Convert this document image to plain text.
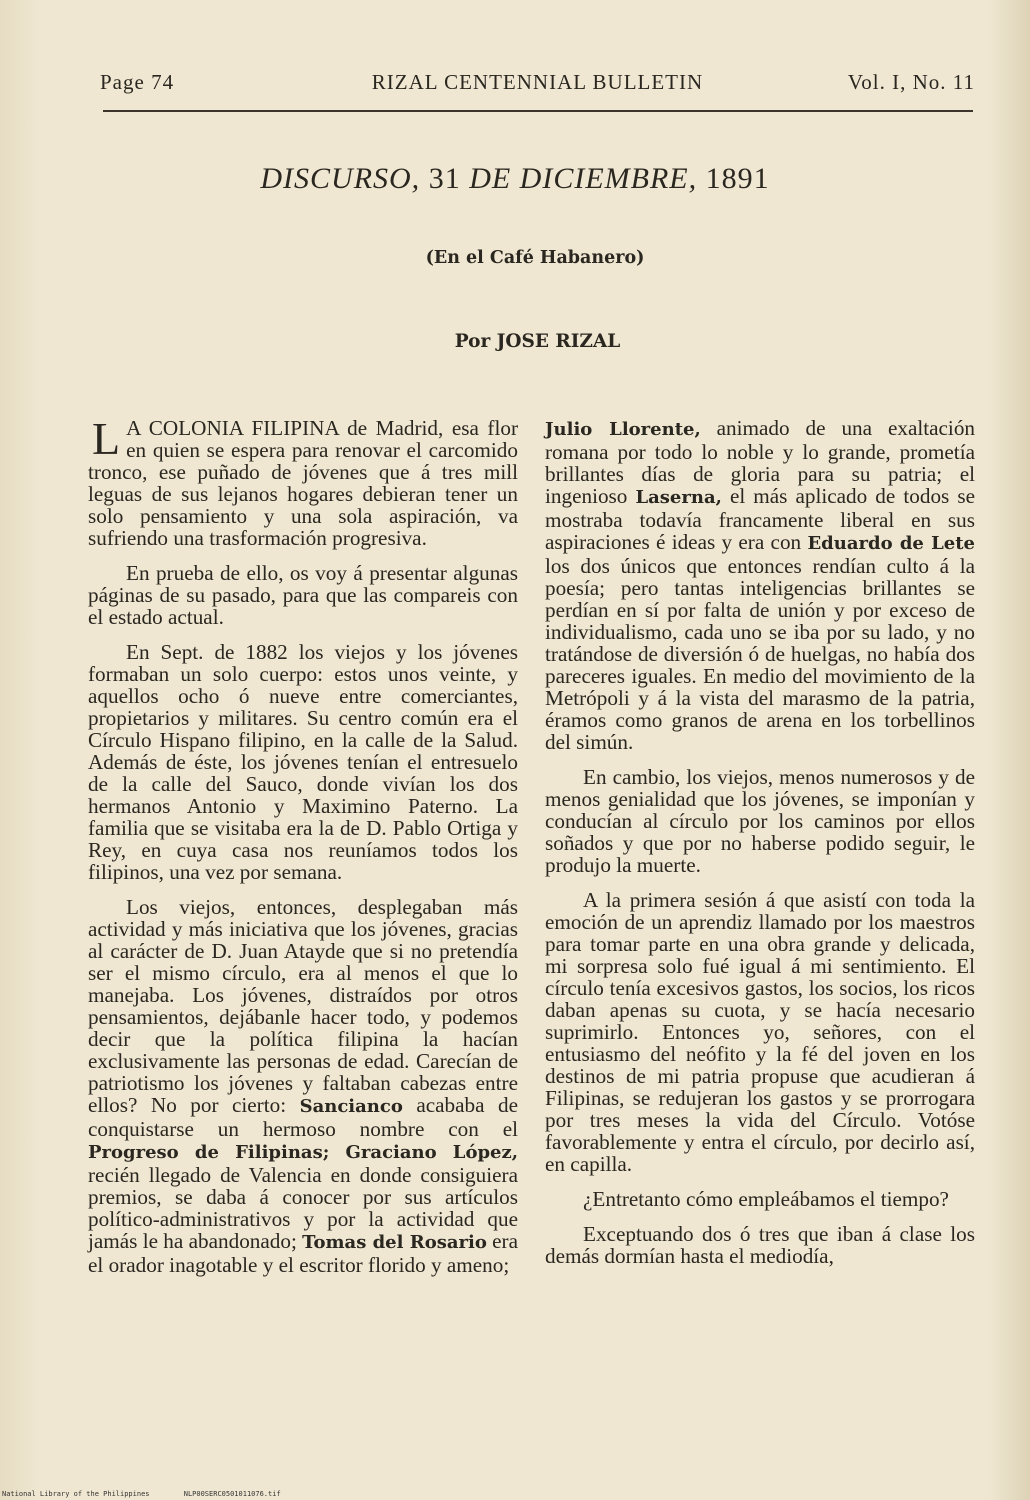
RIZAL CENTENNIAL BULLETIN
Page 74	Vol. I, No. 11
DISCURSO, 31 DE DICIEMBRE, 1891
(En el Café Habanero)
Por JOSE RIZAL

L A COLONIA FILIPINA de Madrid, esa flor en quien se espera para renovar el carcomido tronco, ese puñado de jóvenes que á tres mill leguas de sus lejanos hogares debieran tener un solo pensamiento y una sola aspiración, va sufriendo una trasformación progresiva.

En prueba de ello, os voy á presentar algunas páginas de su pasado, para que las compareis con el estado actual.

En Sept. de 1882 los viejos y los jóvenes formaban un solo cuerpo: estos unos veinte, y aquellos ocho ó nueve entre comerciantes, propietarios y militares. Su centro común era el Círculo Hispano filipino, en la calle de la Salud. Además de éste, los jóvenes tenían el entresuelo de la calle del Sauco, donde vivían los dos hermanos Antonio y Maximino Paterno. La familia que se visitaba era la de D. Pablo Ortiga y Rey, en cuya casa nos reuníamos todos los filipinos, una vez por semana.

Los viejos, entonces, desplegaban más actividad y más iniciativa que los jóvenes, gracias al carácter de D. Juan Atayde que si no pretendía ser el mismo círculo, era al menos el que lo manejaba. Los jóvenes, distraídos por otros pensamientos, dejábanle hacer todo, y podemos decir que la política filipina la hacían exclusivamente las personas de edad. Carecían de patriotismo los jóvenes y faltaban cabezas entre ellos? No por cierto: Sancianco acababa de conquistarse un hermoso nombre con el Progreso de Filipinas; Graciano López, recién llegado de Valencia en donde consiguiera premios, se daba á conocer por sus artículos político-administrativos y por la actividad que jamás le ha abandonado; Tomas del Rosario era el orador inagotable y el escritor florido y ameno;

Julio Llorente, animado de una exaltación romana por todo lo noble y lo grande, prometía brillantes días de gloria para su patria; el ingenioso Laserna, el más aplicado de todos se mostraba todavía francamente liberal en sus aspiraciones é ideas y era con Eduardo de Lete los dos únicos que entonces rendían culto á la poesía; pero tantas inteligencias brillantes se perdían en sí por falta de unión y por exceso de individualismo, cada uno se iba por su lado, y no tratándose de diversión ó de huelgas, no había dos pareceres iguales. En medio del movimiento de la Metrópoli y á la vista del marasmo de la patria, éramos como granos de arena en los torbellinos del simún.

En cambio, los viejos, menos numerosos y de menos genialidad que los jóvenes, se imponían y conducían al círculo por los caminos por ellos soñados y que por no haberse podido seguir, le produjo la muerte.

A la primera sesión á que asistí con toda la emoción de un aprendiz llamado por los maestros para tomar parte en una obra grande y delicada, mi sorpresa solo fué igual á mi sentimiento. El círculo tenía excesivos gastos, los socios, los ricos daban apenas su cuota, y se hacía necesario suprimirlo. Entonces yo, señores, con el entusiasmo del neófito y la fé del joven en los destinos de mi patria propuse que acudieran á Filipinas, se redujeran los gastos y se prorrogara por tres meses la vida del Círculo. Votóse favorablemente y entra el círculo, por decirlo así, en capilla.

¿Entretanto cómo empleábamos el tiempo?

Exceptuando dos ó tres que iban á clase los demás dormían hasta el mediodía,

National Library of the Philippines	NLP00SERC0501011076.tif
